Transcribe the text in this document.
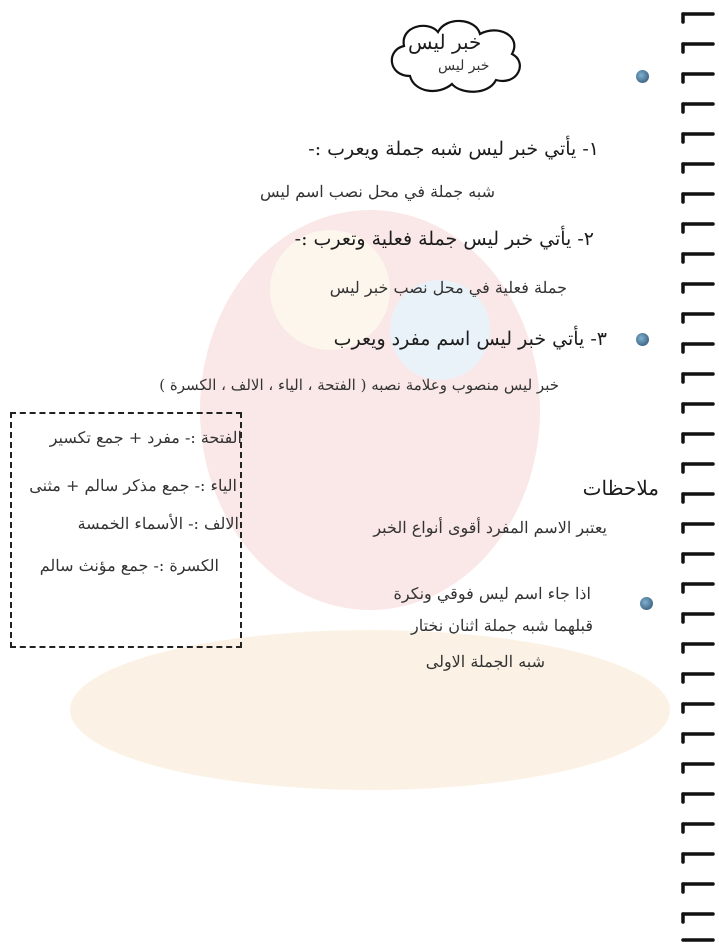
خبر ليس
خبر ليس
١- يأتي خبر ليس شبه جملة ويعرب :-
شبه جملة في محل نصب اسم ليس
٢- يأتي خبر ليس جملة فعلية وتعرب :-
جملة فعلية في محل نصب خبر ليس
٣- يأتي خبر ليس اسم مفرد ويعرب
خبر ليس منصوب وعلامة نصبه ( الفتحة ، الياء ، الالف ، الكسرة )
الفتحة :- مفرد + جمع تكسير
الياء :- جمع مذكر سالم + مثنى
الالف :- الأسماء الخمسة
الكسرة :- جمع مؤنث سالم
ملاحظات
يعتبر الاسم المفرد أقوى أنواع الخبر
اذا جاء اسم ليس فوقي ونكرة
قبلهما شبه جملة اثنان نختار
شبه الجملة الاولى
